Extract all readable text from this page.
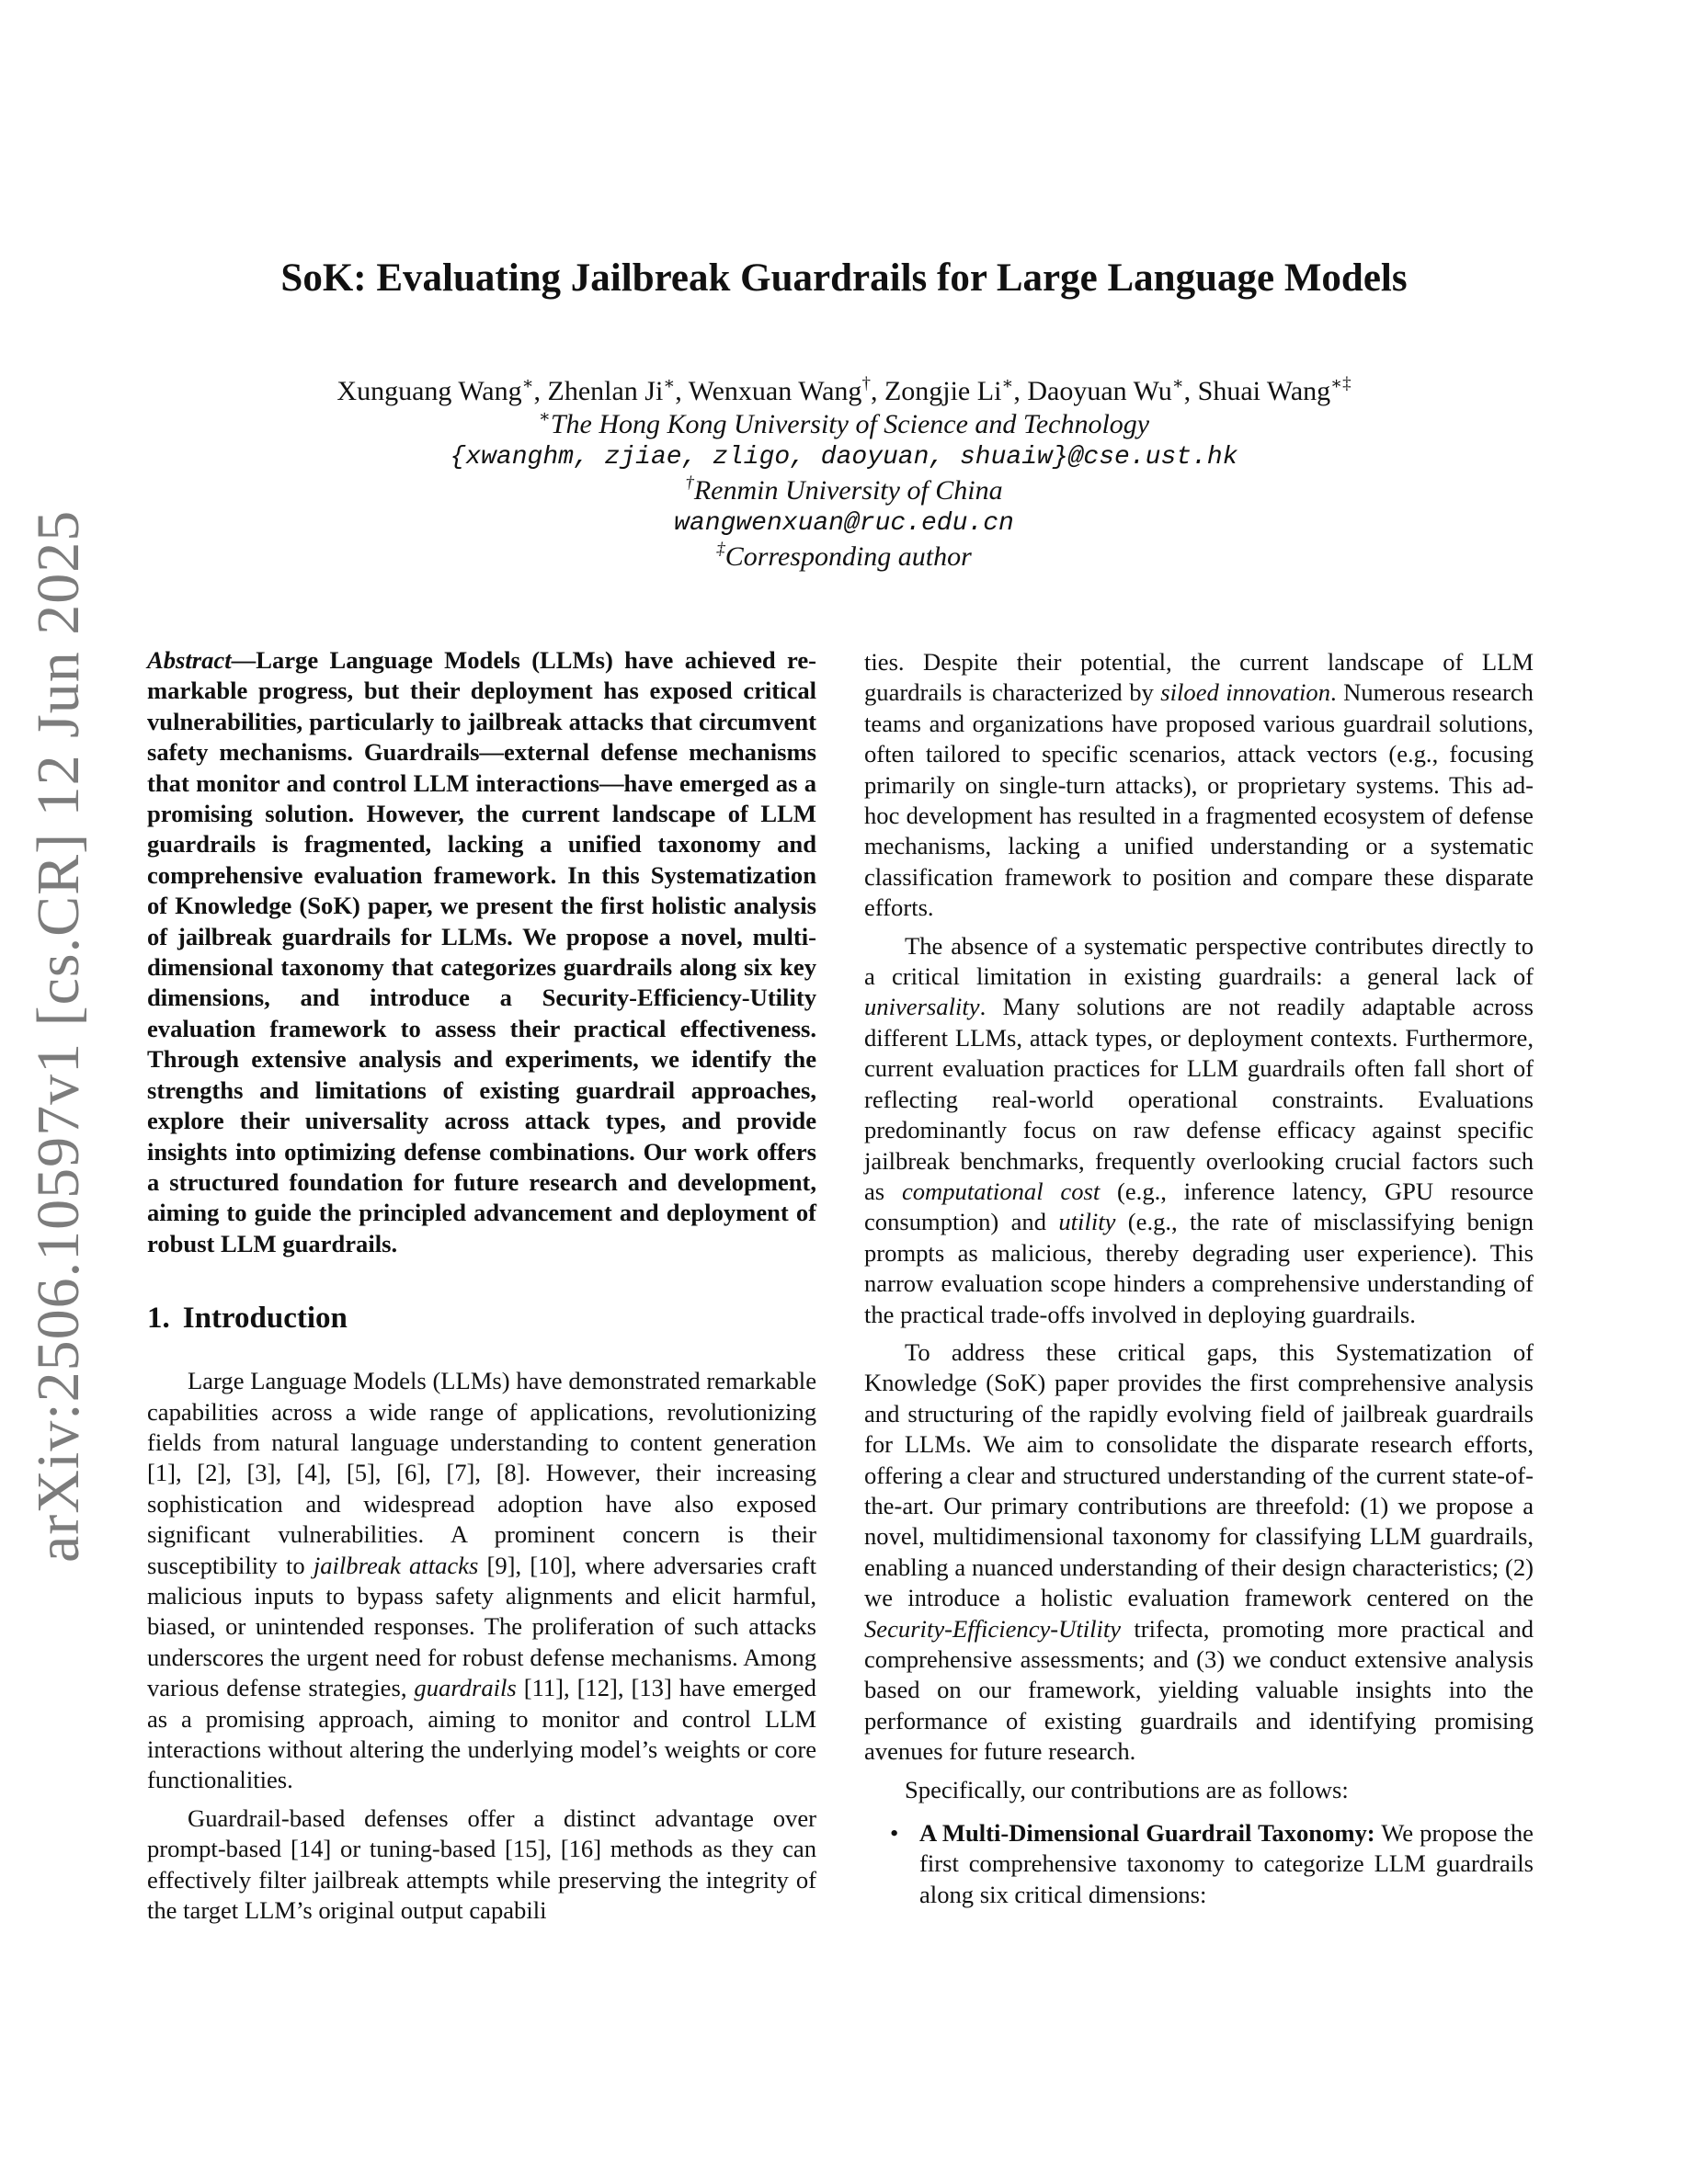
arXiv:2506.10597v1 [cs.CR] 12 Jun 2025
SoK: Evaluating Jailbreak Guardrails for Large Language Models
Xunguang Wang∗, Zhenlan Ji∗, Wenxuan Wang†, Zongjie Li∗, Daoyuan Wu∗, Shuai Wang∗‡
∗The Hong Kong University of Science and Technology
{xwanghm, zjiae, zligo, daoyuan, shuaiw}@cse.ust.hk
†Renmin University of China
wangwenxuan@ruc.edu.cn
‡Corresponding author

Abstract—Large Language Models (LLMs) have achieved remarkable progress, but their deployment has exposed critical vulnerabilities, particularly to jailbreak attacks that circumvent safety mechanisms. Guardrails—external defense mechanisms that monitor and control LLM interactions—have emerged as a promising solution. However, the current landscape of LLM guardrails is fragmented, lacking a unified taxonomy and comprehensive evaluation framework. In this Systematization of Knowledge (SoK) paper, we present the first holistic analysis of jailbreak guardrails for LLMs. We propose a novel, multi-dimensional taxonomy that categorizes guardrails along six key dimensions, and introduce a Security-Efficiency-Utility evaluation framework to assess their practical effectiveness. Through extensive analysis and experiments, we identify the strengths and limitations of existing guardrail approaches, explore their universality across attack types, and provide insights into optimizing defense combinations. Our work offers a structured foundation for future research and development, aiming to guide the principled advancement and deployment of robust LLM guardrails.

1. Introduction

Large Language Models (LLMs) have demonstrated remarkable capabilities across a wide range of applications, revolutionizing fields from natural language understanding to content generation [1], [2], [3], [4], [5], [6], [7], [8]. However, their increasing sophistication and widespread adoption have also exposed significant vulnerabilities. A prominent concern is their susceptibility to jailbreak attacks [9], [10], where adversaries craft malicious inputs to bypass safety alignments and elicit harmful, biased, or unintended responses. The proliferation of such attacks underscores the urgent need for robust defense mechanisms. Among various defense strategies, guardrails [11], [12], [13] have emerged as a promising approach, aiming to monitor and control LLM interactions without altering the underlying model’s weights or core functionalities.

Guardrail-based defenses offer a distinct advantage over prompt-based [14] or tuning-based [15], [16] methods as they can effectively filter jailbreak attempts while preserving the integrity of the target LLM’s original output capabili

ties. Despite their potential, the current landscape of LLM guardrails is characterized by siloed innovation. Numerous research teams and organizations have proposed various guardrail solutions, often tailored to specific scenarios, attack vectors (e.g., focusing primarily on single-turn attacks), or proprietary systems. This ad-hoc development has resulted in a fragmented ecosystem of defense mechanisms, lacking a unified understanding or a systematic classification framework to position and compare these disparate efforts.

The absence of a systematic perspective contributes directly to a critical limitation in existing guardrails: a general lack of universality. Many solutions are not readily adaptable across different LLMs, attack types, or deployment contexts. Furthermore, current evaluation practices for LLM guardrails often fall short of reflecting real-world operational constraints. Evaluations predominantly focus on raw defense efficacy against specific jailbreak benchmarks, frequently overlooking crucial factors such as computational cost (e.g., inference latency, GPU resource consumption) and utility (e.g., the rate of misclassifying benign prompts as malicious, thereby degrading user experience). This narrow evaluation scope hinders a comprehensive understanding of the practical trade-offs involved in deploying guardrails.

To address these critical gaps, this Systematization of Knowledge (SoK) paper provides the first comprehensive analysis and structuring of the rapidly evolving field of jailbreak guardrails for LLMs. We aim to consolidate the disparate research efforts, offering a clear and structured understanding of the current state-of-the-art. Our primary contributions are threefold: (1) we propose a novel, multidimensional taxonomy for classifying LLM guardrails, enabling a nuanced understanding of their design characteristics; (2) we introduce a holistic evaluation framework centered on the Security-Efficiency-Utility trifecta, promoting more practical and comprehensive assessments; and (3) we conduct extensive analysis based on our framework, yielding valuable insights into the performance of existing guardrails and identifying promising avenues for future research.

Specifically, our contributions are as follows:

• A Multi-Dimensional Guardrail Taxonomy: We propose the first comprehensive taxonomy to categorize LLM guardrails along six critical dimensions:
